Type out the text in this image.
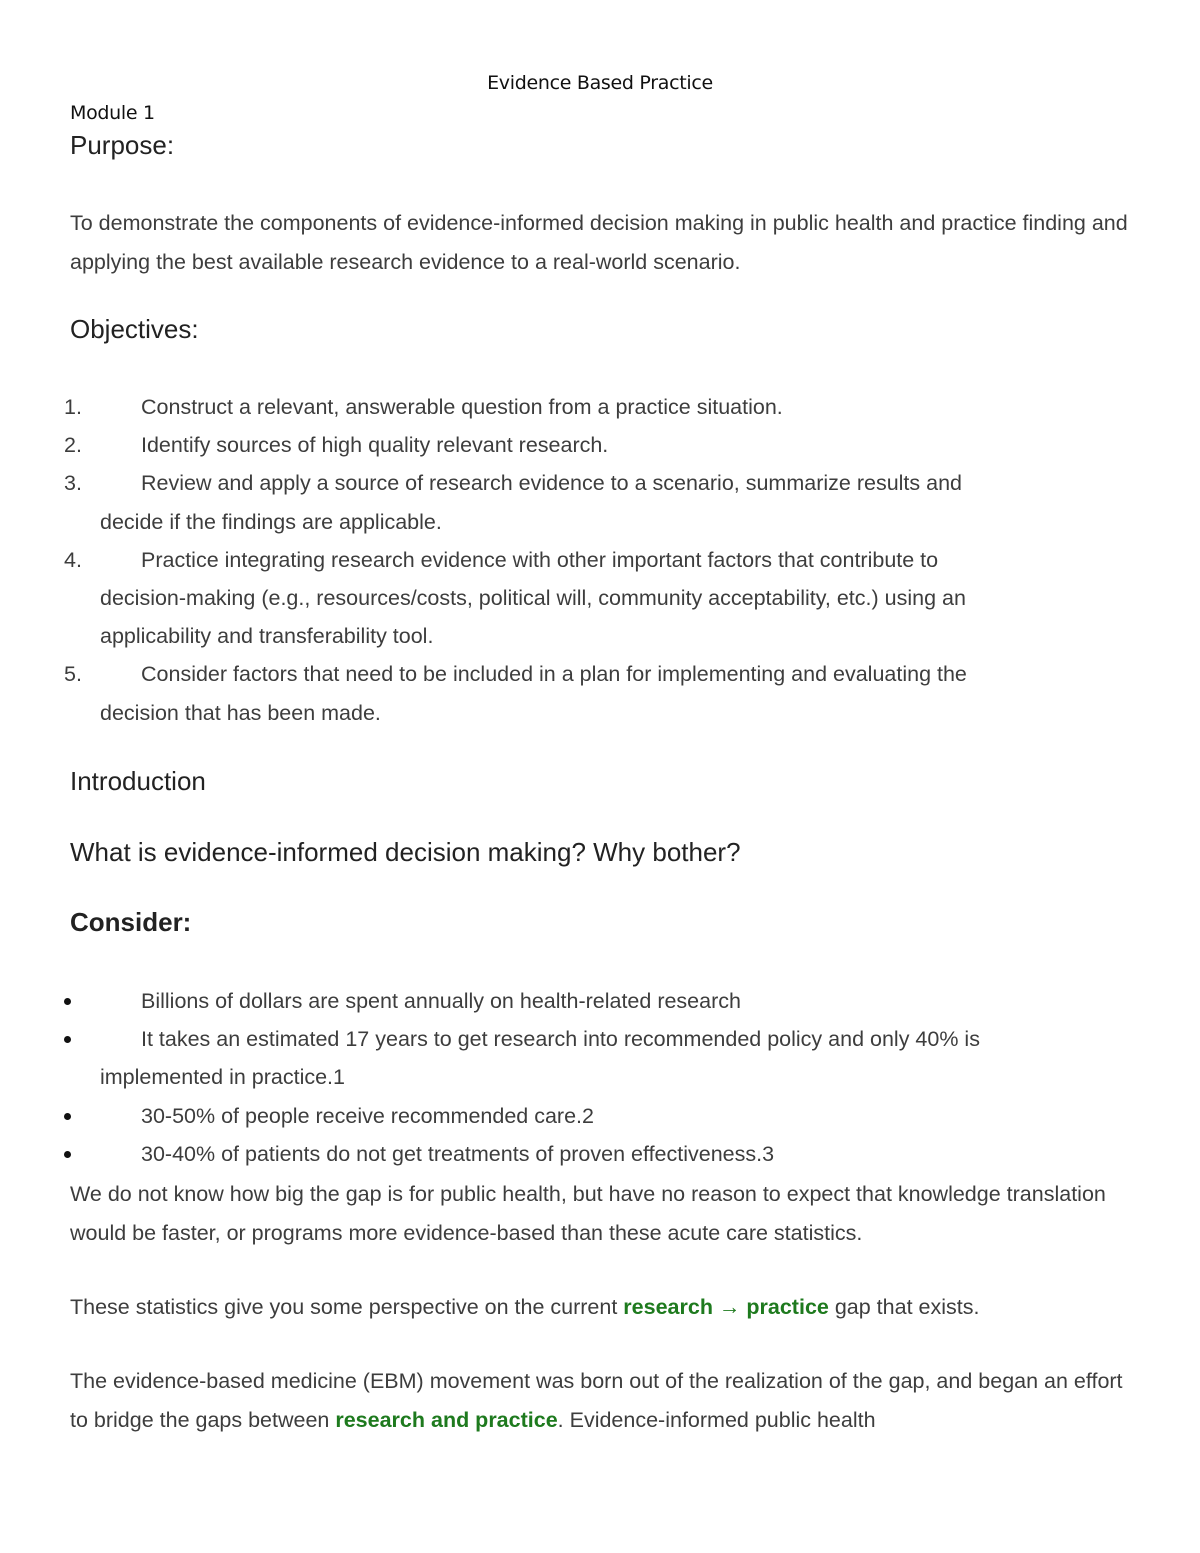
Evidence Based Practice
Module 1
Purpose:

To demonstrate the components of evidence-informed decision making in public health and practice finding and applying the best available research evidence to a real-world scenario.

Objectives:
1.	Construct a relevant, answerable question from a practice situation.
2.	Identify sources of high quality relevant research.
3.	Review and apply a source of research evidence to a scenario, summarize results and
decide if the findings are applicable.
4.	Practice integrating research evidence with other important factors that contribute to
decision-making (e.g., resources/costs, political will, community acceptability, etc.) using an
applicability and transferability tool.
5.	Consider factors that need to be included in a plan for implementing and evaluating the
decision that has been made.
Introduction
What is evidence-informed decision making? Why bother?
Consider:
Billions of dollars are spent annually on health-related research
It takes an estimated 17 years to get research into recommended policy and only 40% is
implemented in practice.1
30-50% of people receive recommended care.2
30-40% of patients do not get treatments of proven effectiveness.3

We do not know how big the gap is for public health, but have no reason to expect that knowledge translation would be faster, or programs more evidence-based than these acute care statistics.

These statistics give you some perspective on the current research → practice gap that exists.

The evidence-based medicine (EBM) movement was born out of the realization of the gap, and began an effort to bridge the gaps between research and practice. Evidence-informed public health
